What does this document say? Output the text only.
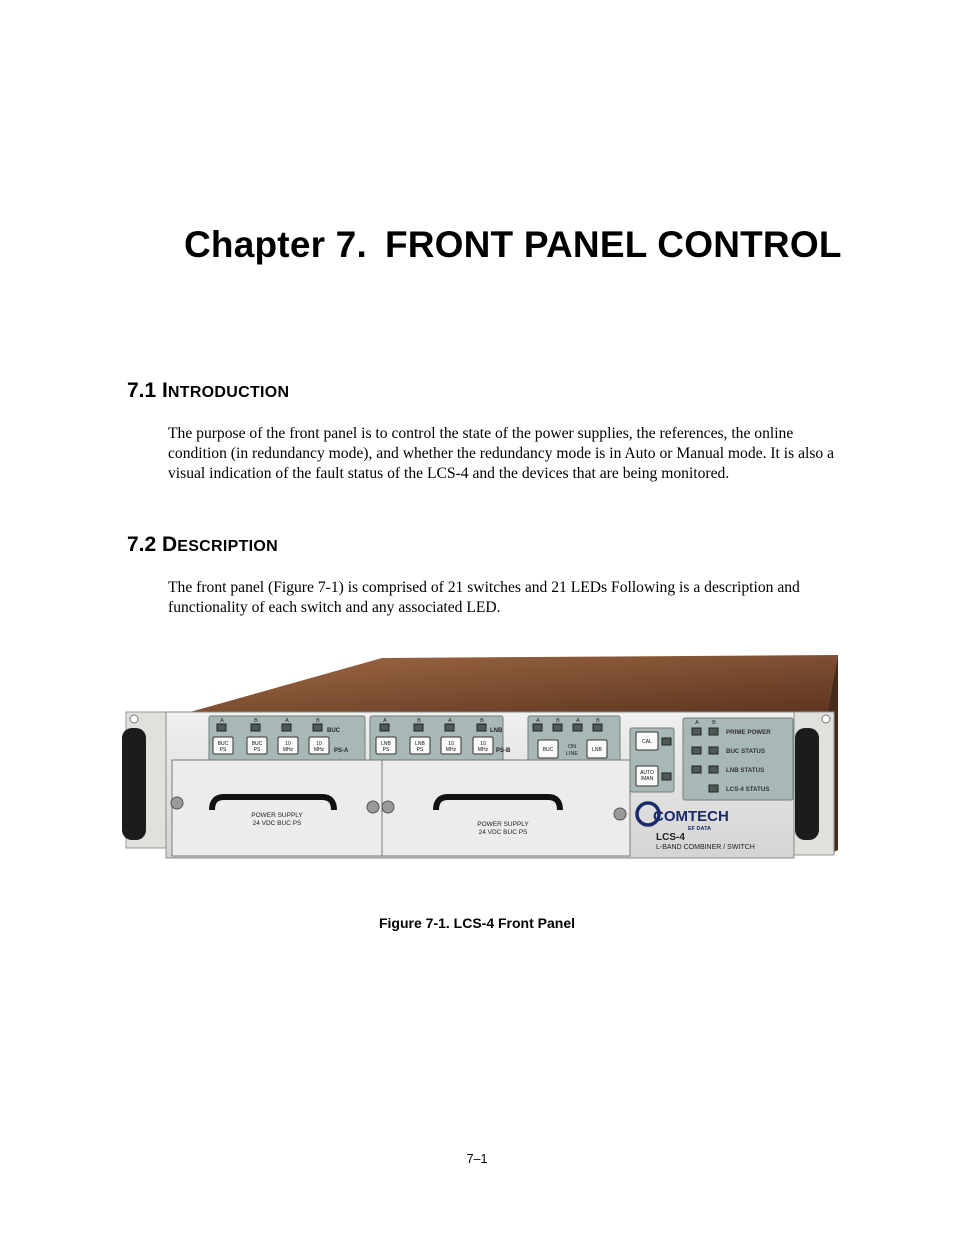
Chapter 7. FRONT PANEL CONTROL
7.1 INTRODUCTION

The purpose of the front panel is to control the state of the power supplies, the references, the online condition (in redundancy mode), and whether the redundancy mode is in Auto or Manual mode. It is also a visual indication of the fault status of the LCS-4 and the devices that are being monitored.

7.2 DESCRIPTION

The front panel (Figure 7-1) is comprised of 21 switches and 21 LEDs Following is a description and functionality of each switch and any associated LED.

A
BUC
PS
B
BUC
PS
A
10
MHz
B
10
MHz
BUC
PS-A
A
LNB
PS
B
LNB
PS
A
10
MHz
B
10
MHz
LNB
PS-B
A	B	A	B
BUC	LNB
ON
LINE
CAL
AUTO
/MAN
A B
PRIME POWER
BUC STATUS
LNB STATUS
LCS-4 STATUS
POWER SUPPLY
24 VDC BUC PS	POWER SUPPLY
24 VDC BUC PS
COMTECH
EF DATA
LCS-4
L-BAND COMBINER / SWITCH

Figure 7-1. LCS-4 Front Panel

7–1
